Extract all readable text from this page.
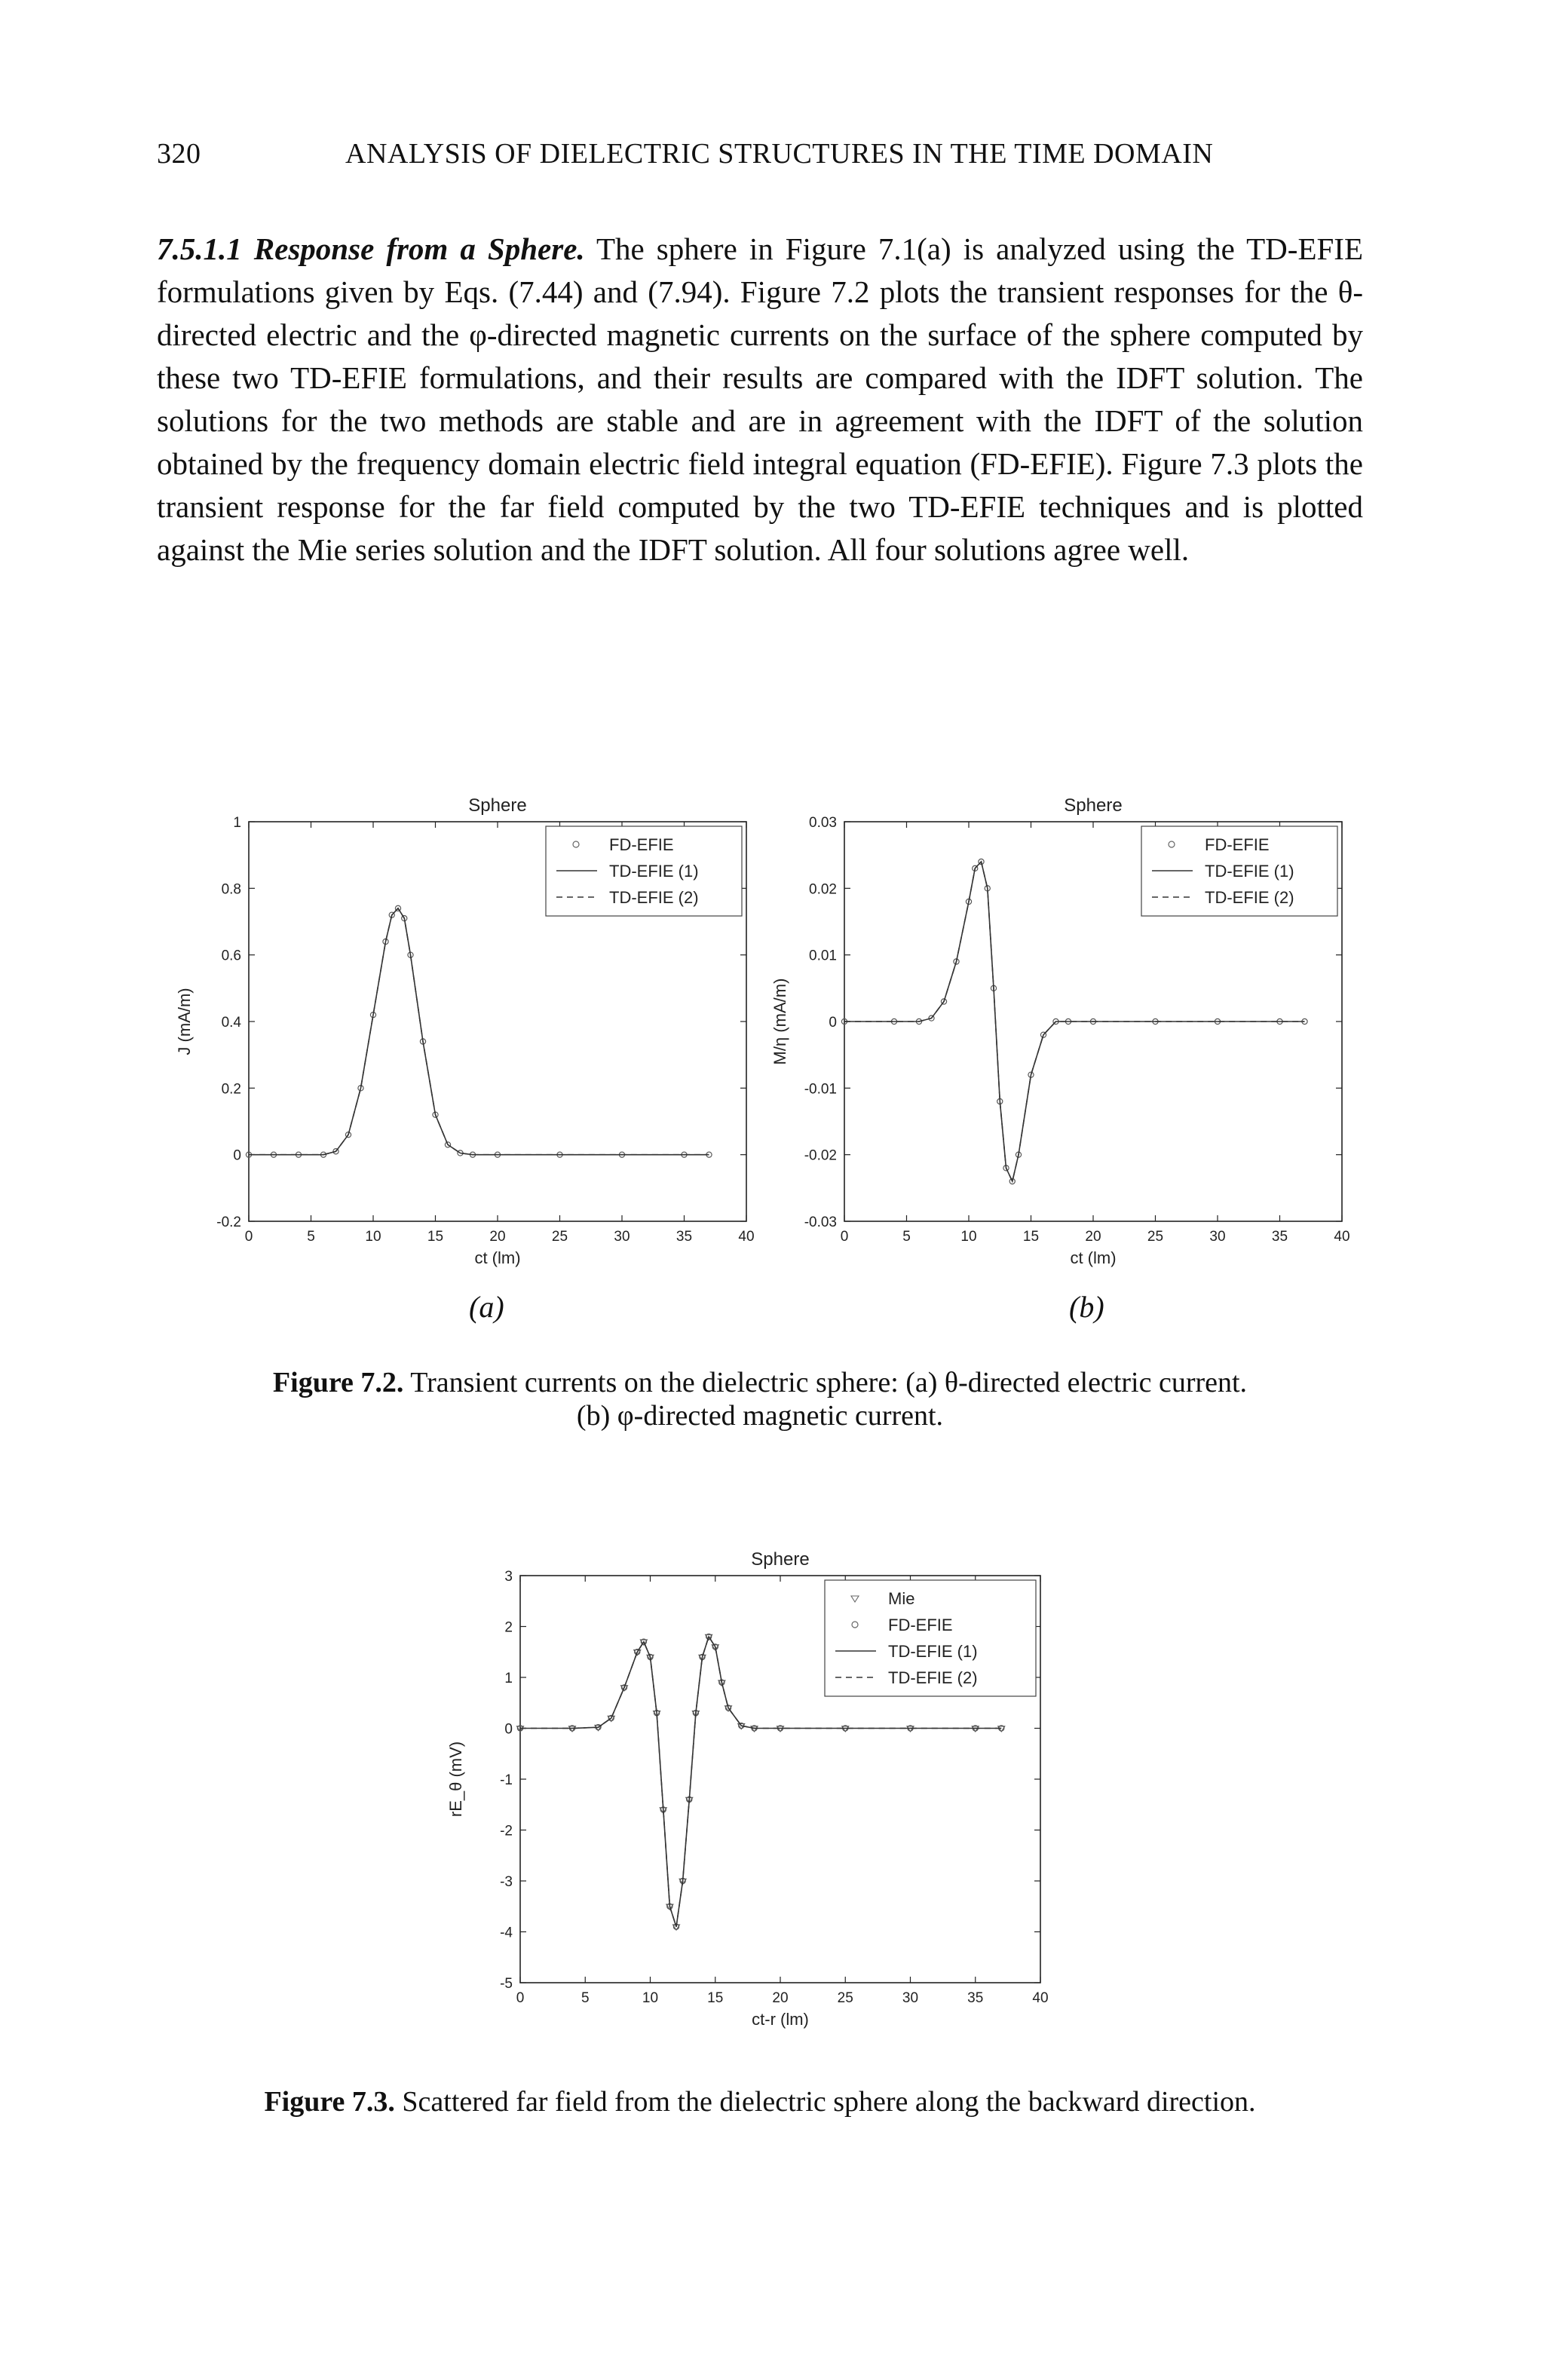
320	ANALYSIS OF DIELECTRIC STRUCTURES IN THE TIME DOMAIN
7.5.1.1 Response from a Sphere. The sphere in Figure 7.1(a) is analyzed using the TD-EFIE formulations given by Eqs. (7.44) and (7.94). Figure 7.2 plots the transient responses for the θ-directed electric and the φ-directed magnetic currents on the surface of the sphere computed by these two TD-EFIE formulations, and their results are compared with the IDFT solution. The solutions for the two methods are stable and are in agreement with the IDFT of the solution obtained by the frequency domain electric field integral equation (FD-EFIE). Figure 7.3 plots the transient response for the far field computed by the two TD-EFIE techniques and is plotted against the Mie series solution and the IDFT solution. All four solutions agree well.
Sphere
0	5	10	15	20	25	30	35	40
-0.2
0
0.2
0.4
0.6
0.8
1
ct (lm)
J (mA/m)
FD-EFIE
TD-EFIE (1)
TD-EFIE (2)
Sphere
0	5	10	15	20	25	30	35	40
-0.03
-0.02
-0.01
0
0.01
0.02
0.03
ct (lm)
M/η (mA/m)
FD-EFIE
TD-EFIE (1)
TD-EFIE (2)
(a)	(b)
Figure 7.2. Transient currents on the dielectric sphere: (a) θ-directed electric current.
(b) φ-directed magnetic current.
Sphere
0	5	10	15	20	25	30	35	40
-5
-4
-3
-2
-1
0
1
2
3
ct-r (lm)
rE_θ (mV)
Mie
FD-EFIE
TD-EFIE (1)
TD-EFIE (2)
Figure 7.3. Scattered far field from the dielectric sphere along the backward direction.
